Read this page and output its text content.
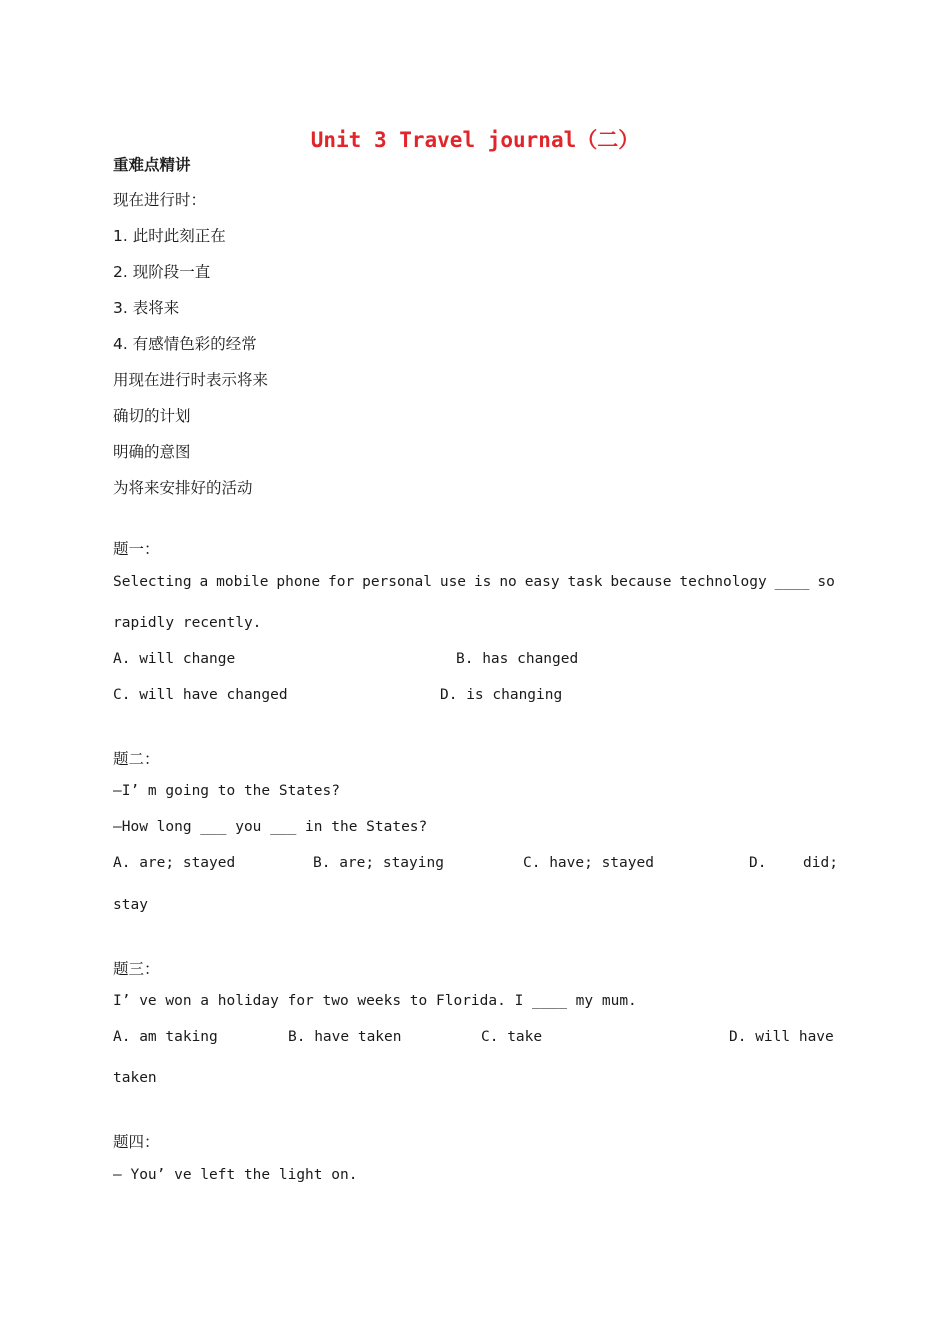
Unit 3 Travel journal（二）
重难点精讲
现在进行时：
1. 此时此刻正在
2. 现阶段一直
3. 表将来
4. 有感情色彩的经常
用现在进行时表示将来
确切的计划
明确的意图
为将来安排好的活动
题一：
Selecting a mobile phone for personal use is no easy task because technology ____ so
rapidly recently.
A. will change	B. has changed
C. will have changed	D. is changing
题二：
—I’ m going to the States?
—How long ___ you ___ in the States?
A. are; stayed	B. are; staying	C. have; stayed	D.	did;
stay
题三：
I’ ve won a holiday for two weeks to Florida. I ____ my mum.
A. am taking	B. have taken	C. take	D. will have
taken
题四：
— You’ ve left the light on.
